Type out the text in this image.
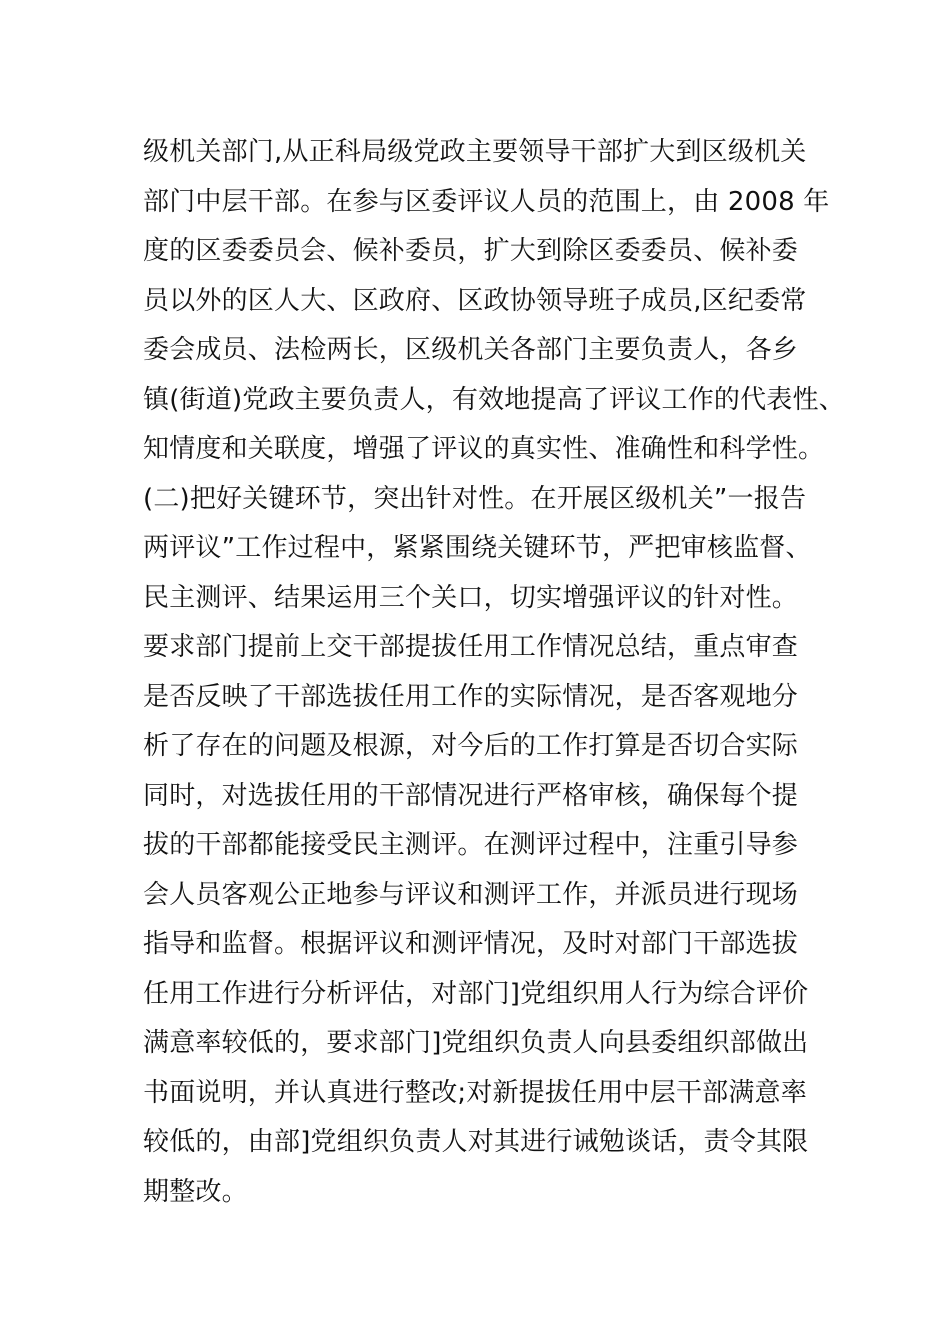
级机关部门,从正科局级党政主要领导干部扩大到区级机关
部门中层干部。在参与区委评议人员的范围上，由 2008 年
度的区委委员会、候补委员，扩大到除区委委员、候补委
员以外的区人大、区政府、区政协领导班子成员,区纪委常
委会成员、法检两长，区级机关各部门主要负责人，各乡
镇(街道)党政主要负责人，有效地提高了评议工作的代表性、
知情度和关联度，增强了评议的真实性、准确性和科学性。
(二)把好关键环节，突出针对性。在开展区级机关”一报告
两评议”工作过程中，紧紧围绕关键环节，严把审核监督、
民主测评、结果运用三个关口，切实增强评议的针对性。
要求部门提前上交干部提拔任用工作情况总结，重点审查
是否反映了干部选拔任用工作的实际情况，是否客观地分
析了存在的问题及根源，对今后的工作打算是否切合实际
同时，对选拔任用的干部情况进行严格审核，确保每个提
拔的干部都能接受民主测评。在测评过程中，注重引导参
会人员客观公正地参与评议和测评工作，并派员进行现场
指导和监督。根据评议和测评情况，及时对部门干部选拔
任用工作进行分析评估，对部门]党组织用人行为综合评价
满意率较低的，要求部门]党组织负责人向县委组织部做出
书面说明，并认真进行整改;对新提拔任用中层干部满意率
较低的，由部]党组织负责人对其进行诫勉谈话，责令其限
期整改。
